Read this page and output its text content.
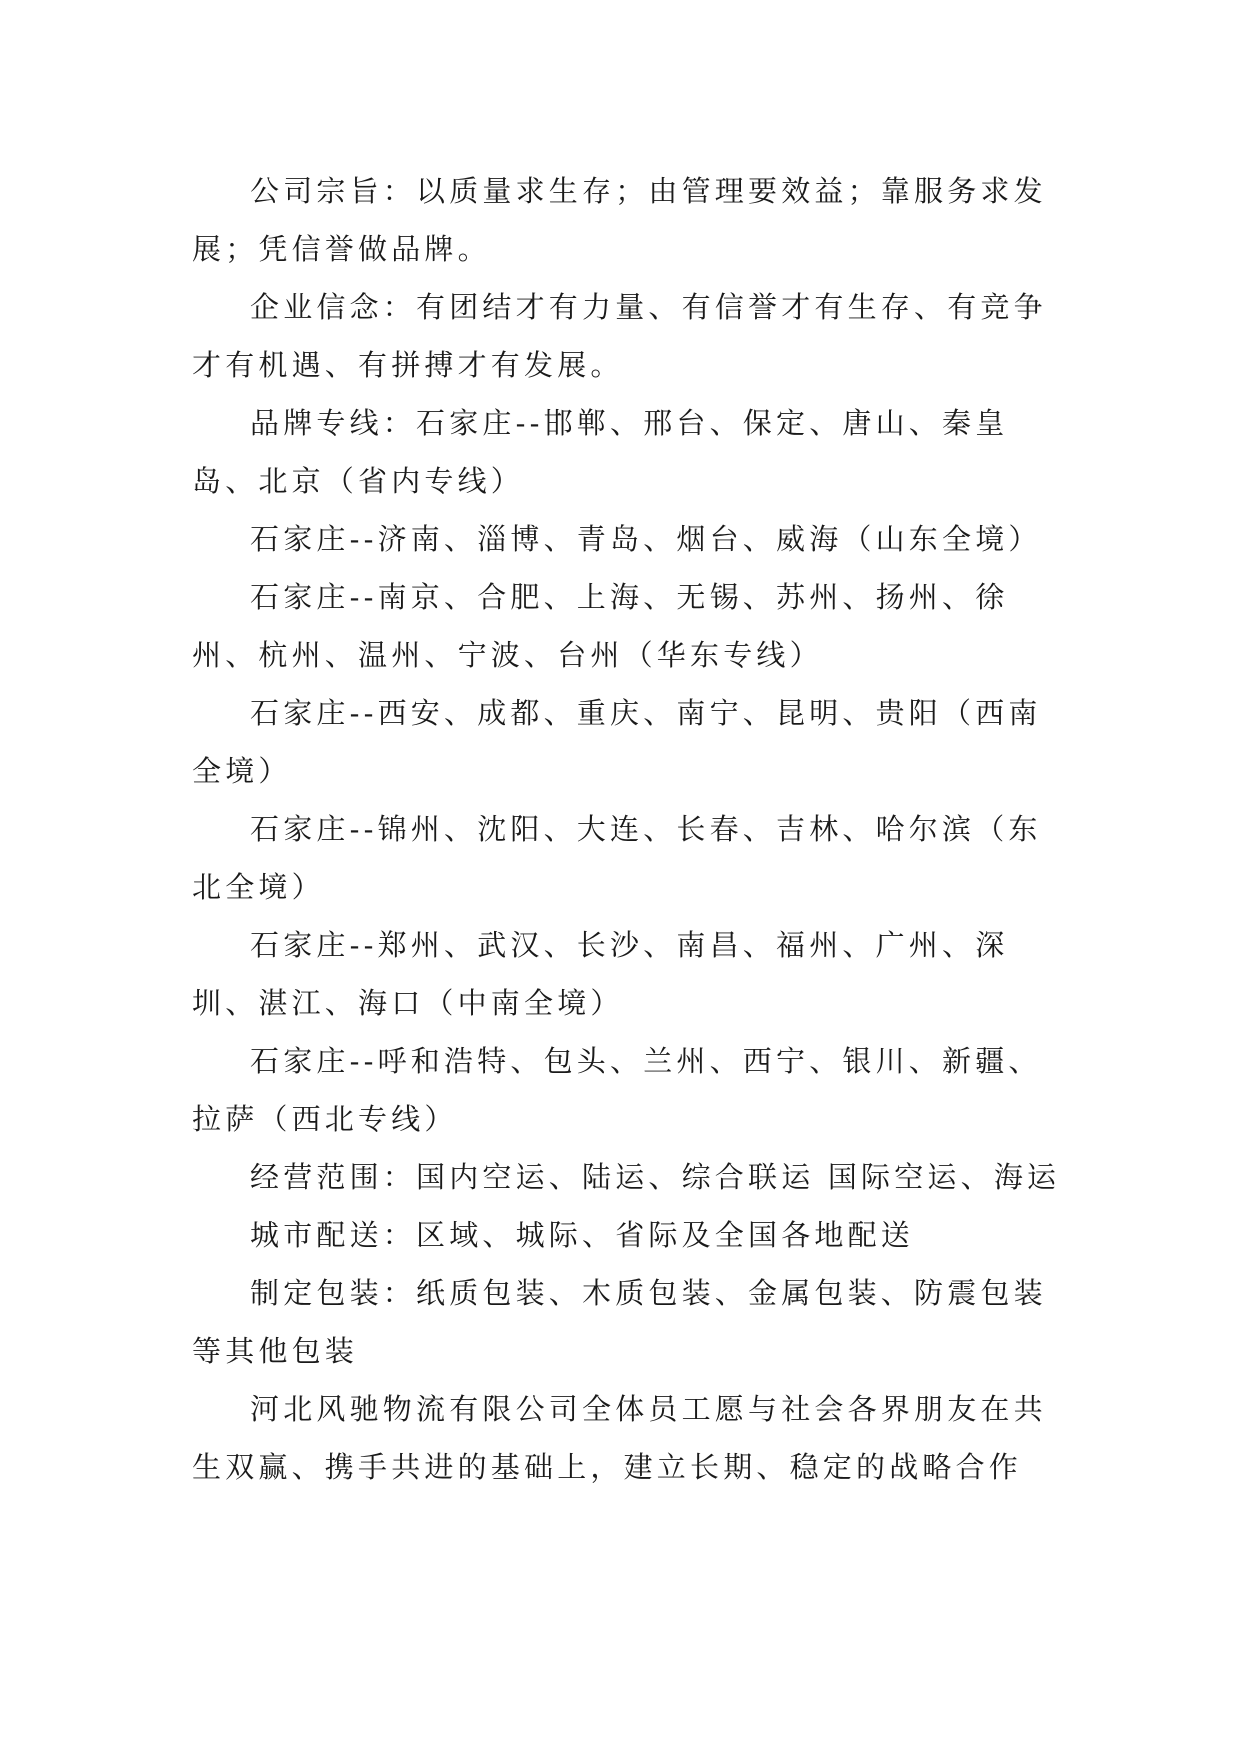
公司宗旨：以质量求生存；由管理要效益；靠服务求发展；凭信誉做品牌。

企业信念：有团结才有力量、有信誉才有生存、有竞争才有机遇、有拼搏才有发展。

品牌专线：石家庄--邯郸、邢台、保定、唐山、秦皇岛、北京（省内专线）

石家庄--济南、淄博、青岛、烟台、威海（山东全境）

石家庄--南京、合肥、上海、无锡、苏州、扬州、徐州、杭州、温州、宁波、台州（华东专线）

石家庄--西安、成都、重庆、南宁、昆明、贵阳（西南全境）

石家庄--锦州、沈阳、大连、长春、吉林、哈尔滨（东北全境）

石家庄--郑州、武汉、长沙、南昌、福州、广州、深圳、湛江、海口（中南全境）

石家庄--呼和浩特、包头、兰州、西宁、银川、新疆、拉萨（西北专线）

经营范围：国内空运、陆运、综合联运 国际空运、海运

城市配送：区域、城际、省际及全国各地配送

制定包装：纸质包装、木质包装、金属包装、防震包装等其他包装

河北风驰物流有限公司全体员工愿与社会各界朋友在共生双赢、携手共进的基础上，建立长期、稳定的战略合作
